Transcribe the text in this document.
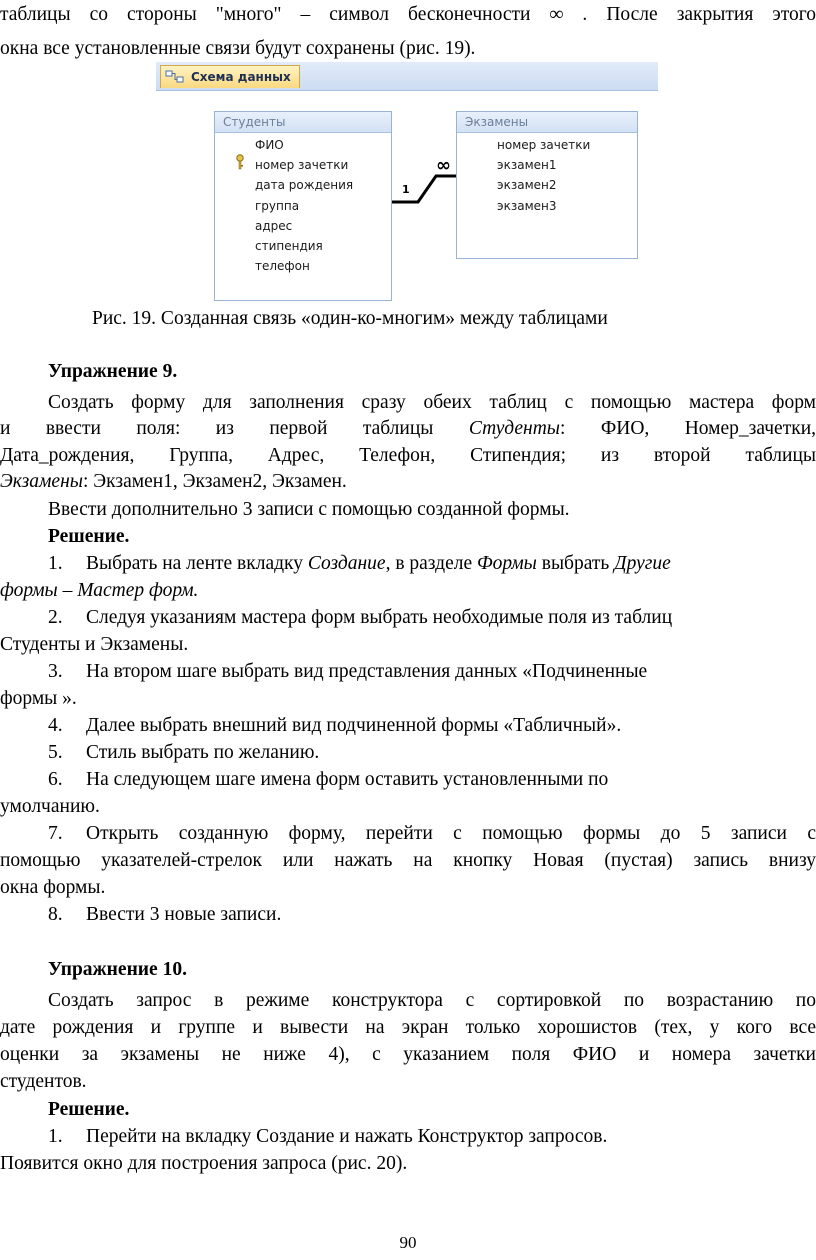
таблицы со стороны "много" – символ бесконечности ∞ . После закрытия этого
окна все установленные связи будут сохранены (рис. 19).
Схема данных
1
∞
Студенты
ФИО
номер зачетки
дата рождения
группа
адрес
стипендия
телефон
Экзамены
номер зачетки
экзамен1
экзамен2
экзамен3
Рис. 19. Созданная связь «один-ко-многим» между таблицами
Упражнение 9.
Создать форму для заполнения сразу обеих таблиц с помощью мастера форм
и ввести поля: из первой таблицы Студенты: ФИО, Номер_зачетки,
Дата_рождения, Группа, Адрес, Телефон, Стипендия; из второй таблицы
Экзамены: Экзамен1, Экзамен2, Экзамен.
Ввести дополнительно 3 записи с помощью созданной формы.
Решение.
1. Выбрать на ленте вкладку Создание, в разделе Формы выбрать Другие
формы – Мастер форм.
2. Следуя указаниям мастера форм выбрать необходимые поля из таблиц
Студенты и Экзамены.
3. На втором шаге выбрать вид представления данных «Подчиненные
формы ».
4. Далее выбрать внешний вид подчиненной формы «Табличный».
5. Стиль выбрать по желанию.
6. На следующем шаге имена форм оставить установленными по
умолчанию.
7. Открыть созданную форму, перейти с помощью формы до 5 записи с
помощью указателей-стрелок или нажать на кнопку Новая (пустая) запись внизу
окна формы.
8. Ввести 3 новые записи.
Упражнение 10.
Создать запрос в режиме конструктора с сортировкой по возрастанию по
дате рождения и группе и вывести на экран только хорошистов (тех, у кого все
оценки за экзамены не ниже 4), с указанием поля ФИО и номера зачетки
студентов.
Решение.
1. Перейти на вкладку Создание и нажать Конструктор запросов.
Появится окно для построения запроса (рис. 20).
90
